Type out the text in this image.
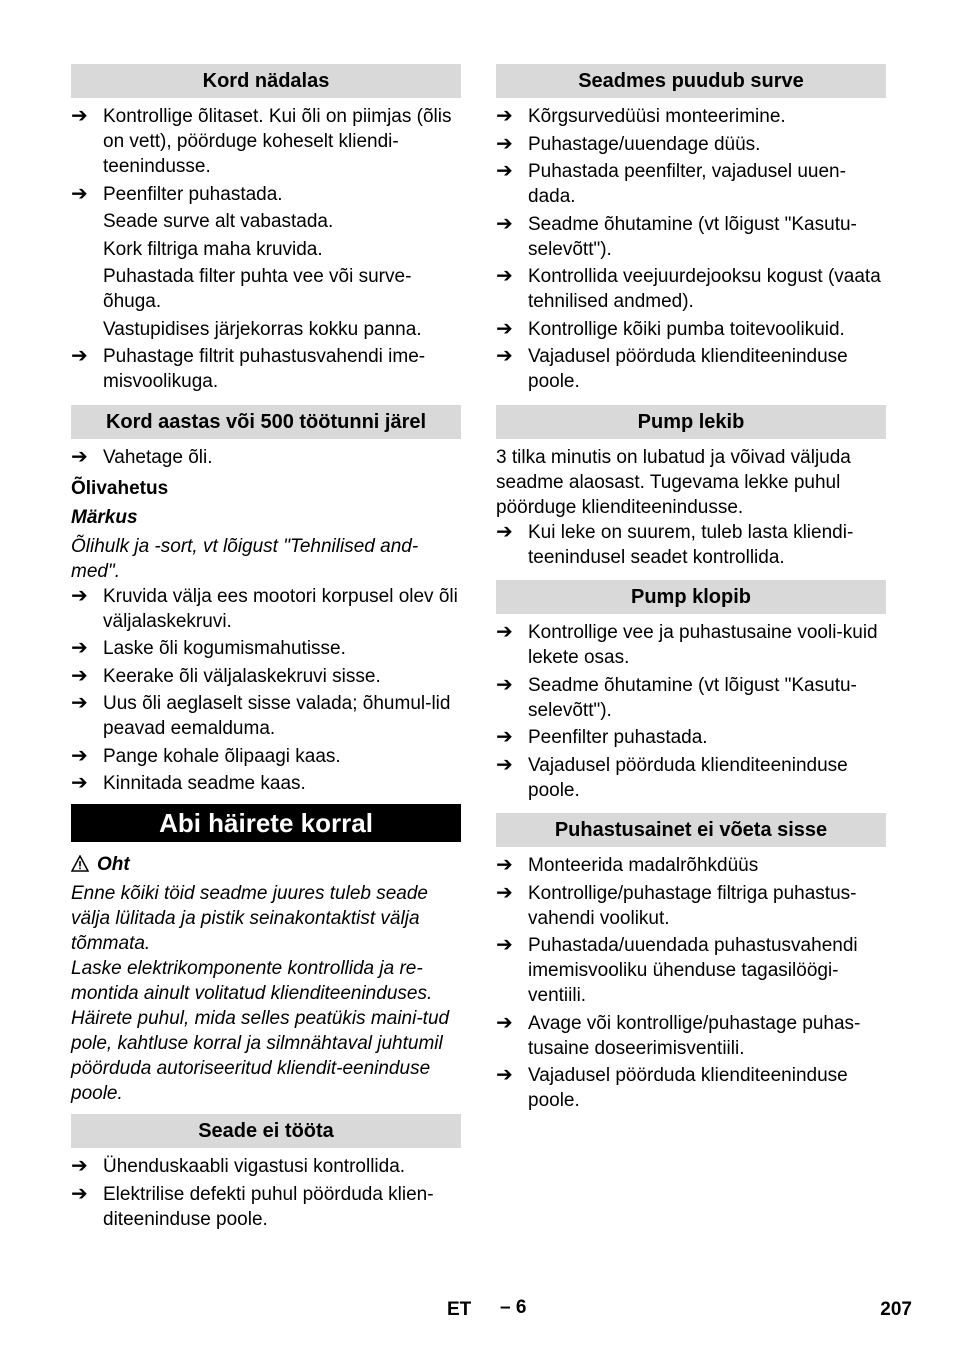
Kord nädalas
➔ Kontrollige õlitaset. Kui õli on piimjas (õlis on vett), pöörduge koheselt kliendi-teenindusse.
➔ Peenfilter puhastada.
Seade surve alt vabastada.
Kork filtriga maha kruvida.
Puhastada filter puhta vee või surve-õhuga.
Vastupidises järjekorras kokku panna.
➔ Puhastage filtrit puhastusvahendi ime-misvoolikuga.
Kord aastas või 500 töötunni järel
➔ Vahetage õli.
Õlivahetus
Märkus
Õlihulk ja -sort, vt lõigust "Tehnilised and-med".
➔ Kruvida välja ees mootori korpusel olev õli väljalaskekruvi.
➔ Laske õli kogumismahutisse.
➔ Keerake õli väljalaskekruvi sisse.
➔ Uus õli aeglaselt sisse valada; õhumul-lid peavad eemalduma.
➔ Pange kohale õlipaagi kaas.
➔ Kinnitada seadme kaas.
Abi häirete korral
Oht
Enne kõiki töid seadme juures tuleb seade välja lülitada ja pistik seinakontaktist välja tõmmata.
Laske elektrikomponente kontrollida ja re-montida ainult volitatud klienditeeninduses.
Häirete puhul, mida selles peatükis maini-tud pole, kahtluse korral ja silmnähtaval juhtumil pöörduda autoriseeritud kliendit-eeninduse poole.
Seade ei tööta
➔ Ühenduskaabli vigastusi kontrollida.
➔ Elektrilise defekti puhul pöörduda klien-diteeninduse poole.
Seadmes puudub surve
➔ Kõrgsurvedüüsi monteerimine.
➔ Puhastage/uuendage düüs.
➔ Puhastada peenfilter, vajadusel uuen-dada.
➔ Seadme õhutamine (vt lõigust "Kasutu-selevõtt").
➔ Kontrollida veejuurdejooksu kogust (vaata tehnilised andmed).
➔ Kontrollige kõiki pumba toitevoolikuid.
➔ Vajadusel pöörduda klienditeeninduse poole.
Pump lekib
3 tilka minutis on lubatud ja võivad väljuda seadme alaosast. Tugevama lekke puhul pöörduge klienditeenindusse.
➔ Kui leke on suurem, tuleb lasta kliendi-teenindusel seadet kontrollida.
Pump klopib
➔ Kontrollige vee ja puhastusaine vooli-kuid lekete osas.
➔ Seadme õhutamine (vt lõigust "Kasutu-selevõtt").
➔ Peenfilter puhastada.
➔ Vajadusel pöörduda klienditeeninduse poole.
Puhastusainet ei võeta sisse
➔ Monteerida madalrõhkdüüs
➔ Kontrollige/puhastage filtriga puhastus-vahendi voolikut.
➔ Puhastada/uuendada puhastusvahendi imemisvooliku ühenduse tagasilöögi-ventiili.
➔ Avage või kontrollige/puhastage puhas-tusaine doseerimisventiili.
➔ Vajadusel pöörduda klienditeeninduse poole.
ET – 6	207
